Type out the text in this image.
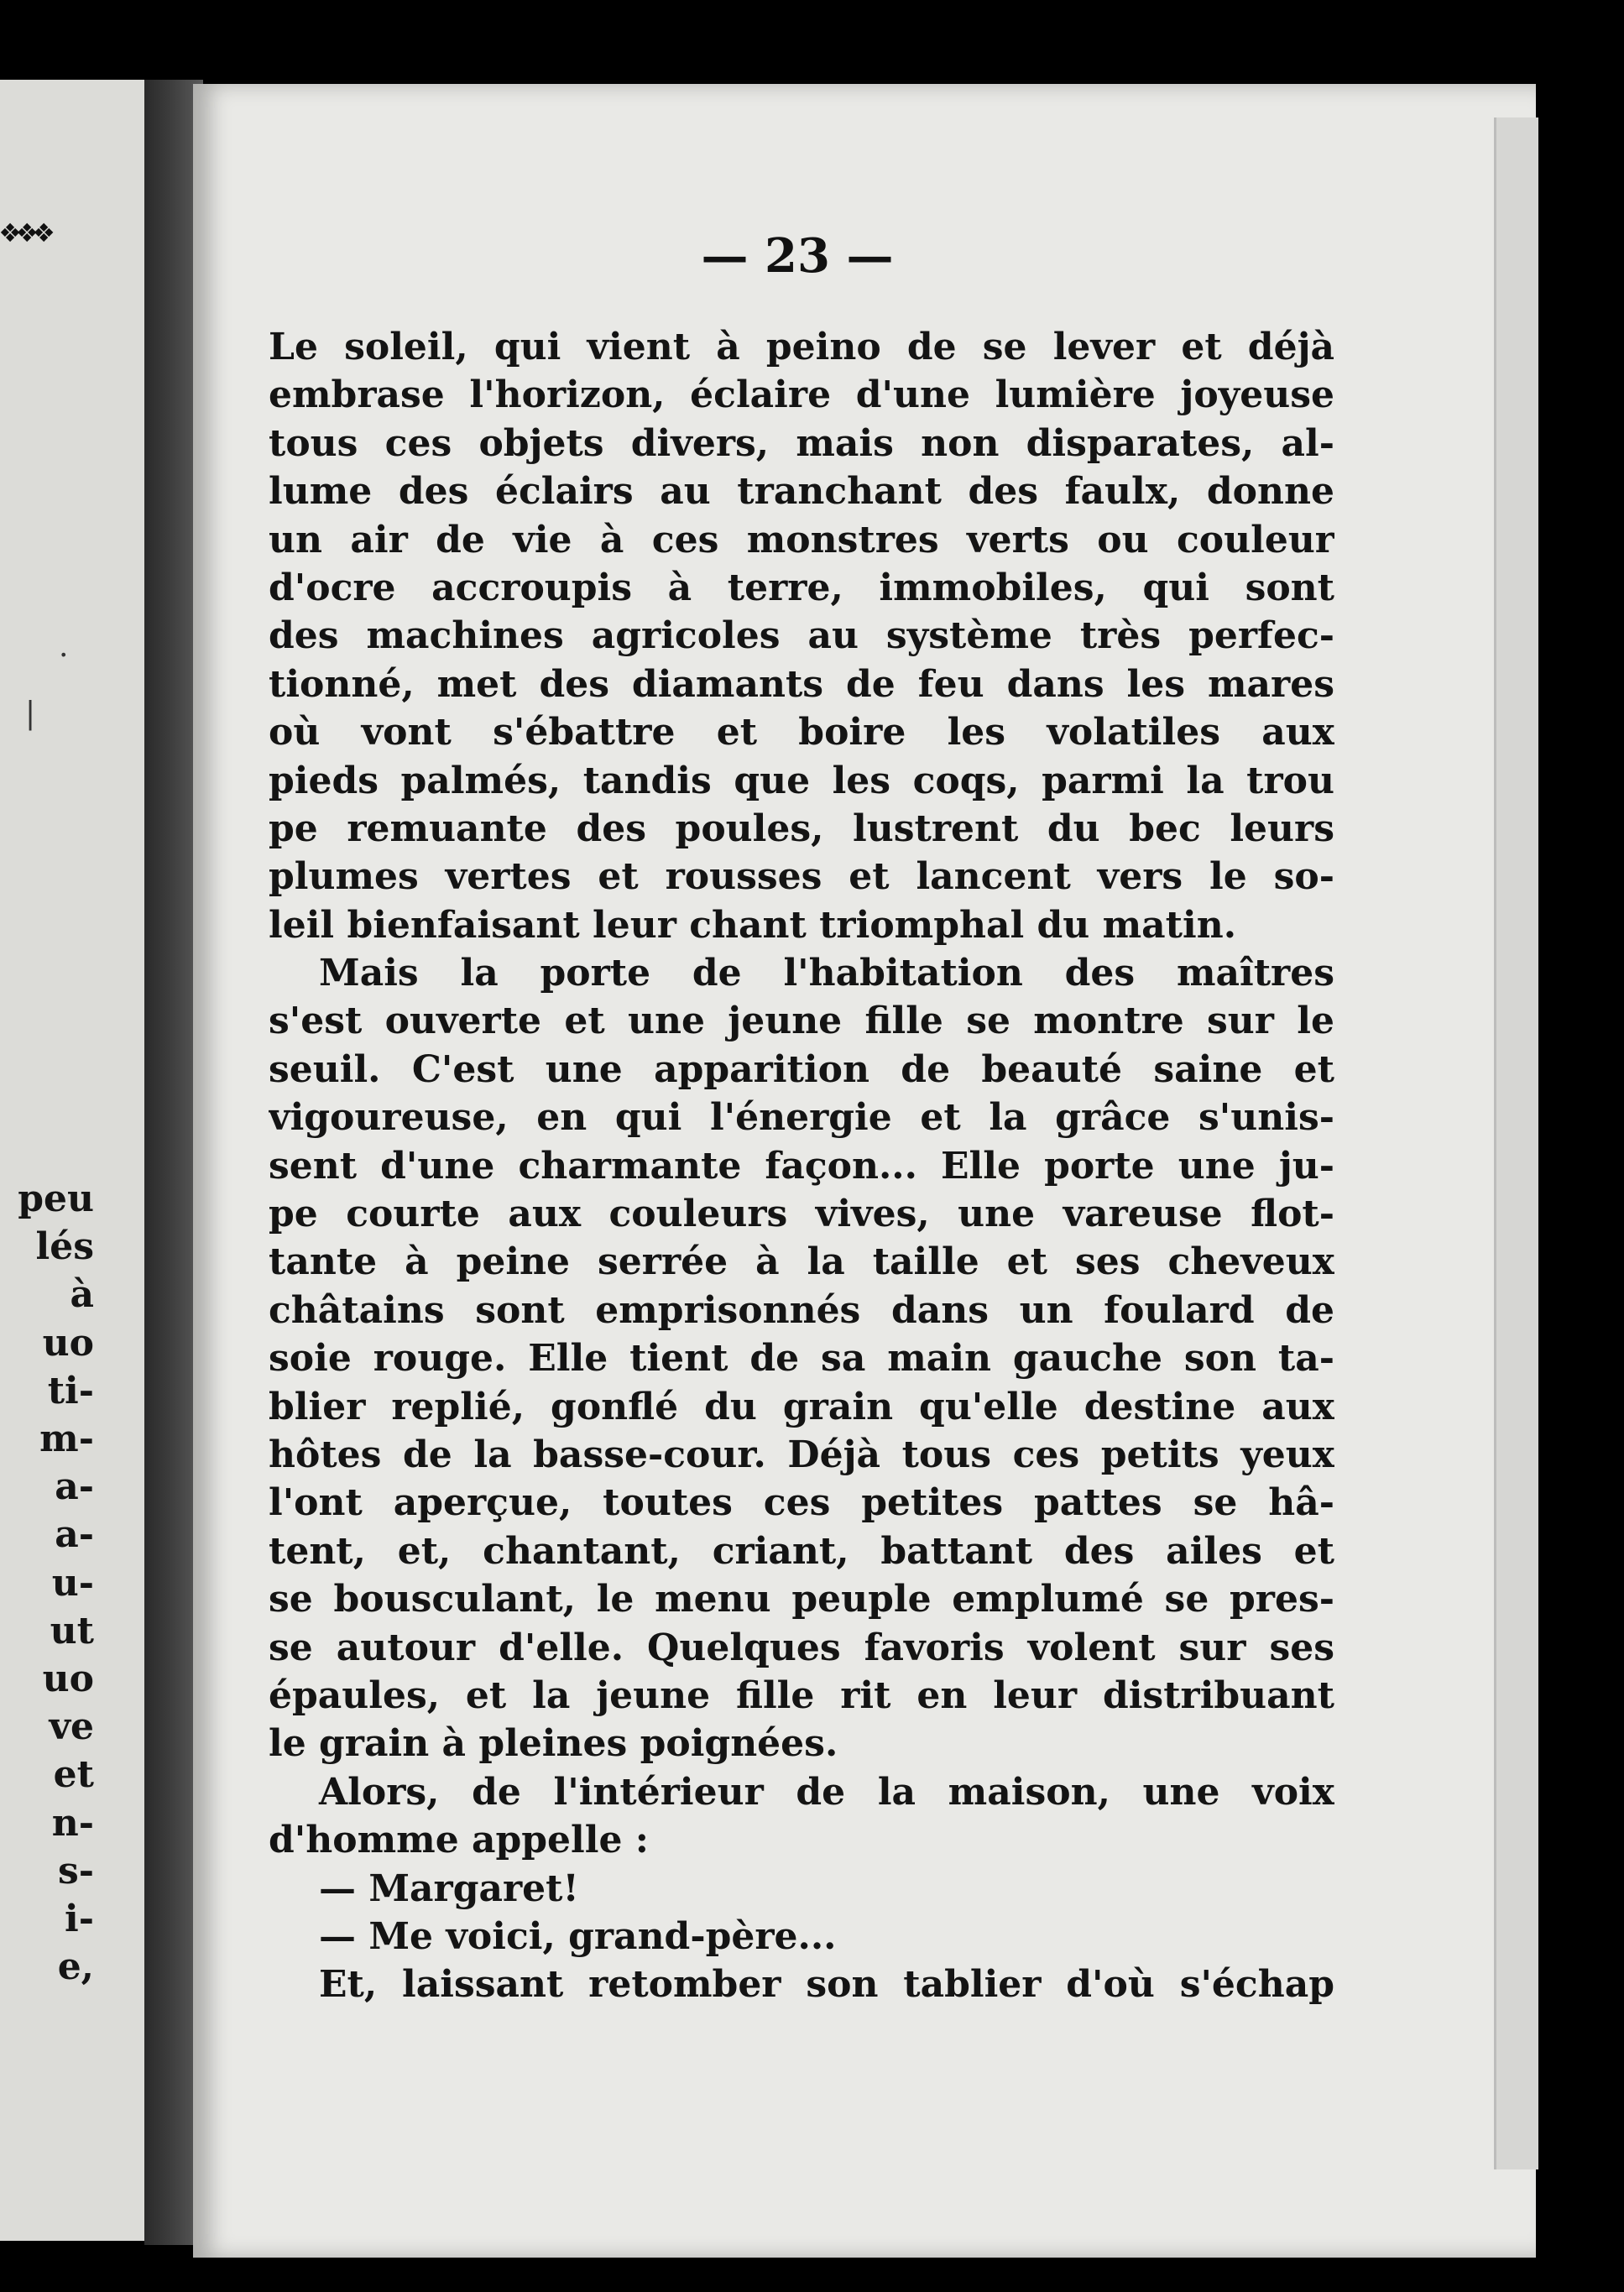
❖❖❖
.
|
peu
lés
à
uo
ti-
m-
a-
a-
u-
ut
uo
ve
et
n-
s-
i-
e,
— 23 —
Le soleil, qui vient à peino de se lever et déjà
embrase l'horizon, éclaire d'une lumière joyeuse
tous ces objets divers, mais non disparates, al-
lume des éclairs au tranchant des faulx, donne
un air de vie à ces monstres verts ou couleur
d'ocre accroupis à terre, immobiles, qui sont
des machines agricoles au système très perfec-
tionné, met des diamants de feu dans les mares
où vont s'ébattre et boire les volatiles aux
pieds palmés, tandis que les coqs, parmi la trou
pe remuante des poules, lustrent du bec leurs
plumes vertes et rousses et lancent vers le so-
leil bienfaisant leur chant triomphal du matin.
Mais la porte de l'habitation des maîtres
s'est ouverte et une jeune fille se montre sur le
seuil. C'est une apparition de beauté saine et
vigoureuse, en qui l'énergie et la grâce s'unis-
sent d'une charmante façon... Elle porte une ju-
pe courte aux couleurs vives, une vareuse flot-
tante à peine serrée à la taille et ses cheveux
châtains sont emprisonnés dans un foulard de
soie rouge. Elle tient de sa main gauche son ta-
blier replié, gonflé du grain qu'elle destine aux
hôtes de la basse-cour. Déjà tous ces petits yeux
l'ont aperçue, toutes ces petites pattes se hâ-
tent, et, chantant, criant, battant des ailes et
se bousculant, le menu peuple emplumé se pres-
se autour d'elle. Quelques favoris volent sur ses
épaules, et la jeune fille rit en leur distribuant
le grain à pleines poignées.
Alors, de l'intérieur de la maison, une voix
d'homme appelle :
— Margaret!
— Me voici, grand-père...
Et, laissant retomber son tablier d'où s'échap
